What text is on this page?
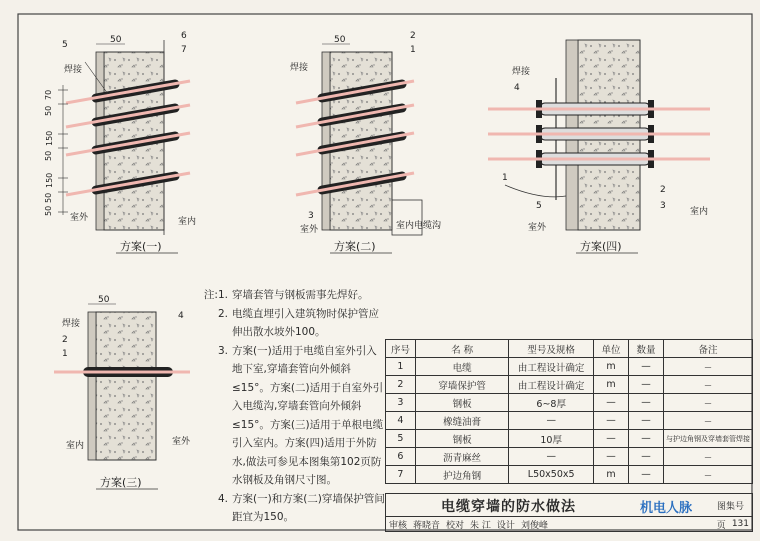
50
5
6
7
焊接
70
50
150
50
150
50
50
室外	室内
方案(一)
50	2
1
3
焊接
室外	室内电缆沟
方案(二)
焊接
4
1
5
2
3
室外
室内
方案(四)
50
4
2
1
焊接
室内	室外
方案(三)
注:1. 穿墙套管与钢板需事先焊好。
2. 电缆直埋引入建筑物时保护管应伸出散水坡外100。
3. 方案(一)适用于电缆自室外引入地下室,穿墙套管向外倾斜≤15°。方案(二)适用于自室外引入电缆沟,穿墙套管向外倾斜≤15°。方案(三)适用于单根电缆引入室内。方案(四)适用于外防水,做法可参见本图集第102页防水钢板及角钢尺寸图。
4. 方案(一)和方案(二)穿墙保护管间距宜为150。
序号	名 称	型号及规格	单位	数量	备注
1	电缆	由工程设计确定	m	—	—
2	穿墙保护管	由工程设计确定	m	—	—
3	钢板	6~8厚	—	—	—
4	橡缝油膏	—	—	—	—
5	钢板	10厚	—	—	与护边角钢及穿墙套管焊接
6	沥青麻丝	—	—	—	—
7	护边角钢	L50x50x5	m	—	—
电缆穿墙的防水做法	图集号
审核 蒋晓音 校对 朱 江 设计 刘俊峰	页 131
机电人脉
